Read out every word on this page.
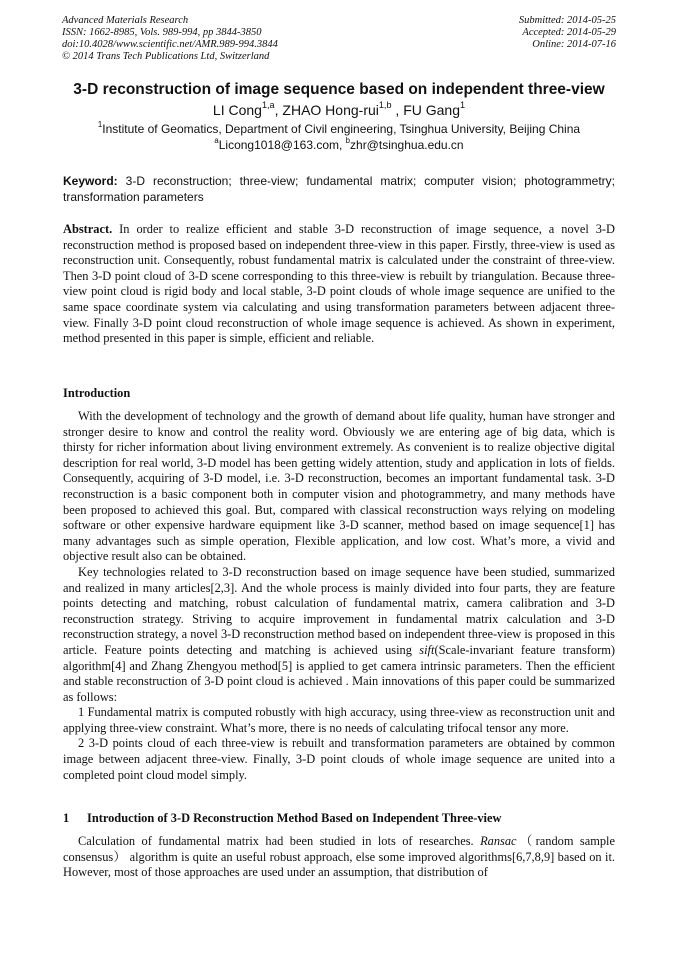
Advanced Materials Research
ISSN: 1662-8985, Vols. 989-994, pp 3844-3850
doi:10.4028/www.scientific.net/AMR.989-994.3844
© 2014 Trans Tech Publications Ltd, Switzerland
Submitted: 2014-05-25
Accepted: 2014-05-29
Online: 2014-07-16
3-D reconstruction of image sequence based on independent three-view
LI Cong$^{1,a}$, ZHAO Hong-rui$^{1,b}$ , FU Gang$^1$
$^1$Institute of Geomatics, Department of Civil engineering, Tsinghua University, Beijing China
$^a$Licong1018@163.com, $^b$zhr@tsinghua.edu.cn
Keyword: 3-D reconstruction; three-view; fundamental matrix; computer vision; photogrammetry; transformation parameters

Abstract. In order to realize efficient and stable 3-D reconstruction of image sequence, a novel 3-D reconstruction method is proposed based on independent three-view in this paper. Firstly, three-view is used as reconstruction unit. Consequently, robust fundamental matrix is calculated under the constraint of three-view. Then 3-D point cloud of 3-D scene corresponding to this three-view is rebuilt by triangulation. Because three-view point cloud is rigid body and local stable, 3-D point clouds of whole image sequence are unified to the same space coordinate system via calculating and using transformation parameters between adjacent three-view. Finally 3-D point cloud reconstruction of whole image sequence is achieved. As shown in experiment, method presented in this paper is simple, efficient and reliable.

Introduction

With the development of technology and the growth of demand about life quality, human have stronger and stronger desire to know and control the reality word. Obviously we are entering age of big data, which is thirsty for richer information about living environment extremely. As convenient is to realize objective digital description for real world, 3-D model has been getting widely attention, study and application in lots of fields. Consequently, acquiring of 3-D model, i.e. 3-D reconstruction, becomes an important fundamental task. 3-D reconstruction is a basic component both in computer vision and photogrammetry, and many methods have been proposed to achieved this goal. But, compared with classical reconstruction ways relying on modeling software or other expensive hardware equipment like 3-D scanner, method based on image sequence[1] has many advantages such as simple operation, Flexible application, and low cost. What’s more, a vivid and objective result also can be obtained.

Key technologies related to 3-D reconstruction based on image sequence have been studied, summarized and realized in many articles[2,3]. And the whole process is mainly divided into four parts, they are feature points detecting and matching, robust calculation of fundamental matrix, camera calibration and 3-D reconstruction strategy. Striving to acquire improvement in fundamental matrix calculation and 3-D reconstruction strategy, a novel 3-D reconstruction method based on independent three-view is proposed in this article. Feature points detecting and matching is achieved using sift(Scale-invariant feature transform) algorithm[4] and Zhang Zhengyou method[5] is applied to get camera intrinsic parameters. Then the efficient and stable reconstruction of 3-D point cloud is achieved . Main innovations of this paper could be summarized as follows:

1 Fundamental matrix is computed robustly with high accuracy, using three-view as reconstruction unit and applying three-view constraint. What’s more, there is no needs of calculating trifocal tensor any more.

2 3-D points cloud of each three-view is rebuilt and transformation parameters are obtained by common image between adjacent three-view. Finally, 3-D point clouds of whole image sequence are united into a completed point cloud model simply.

1 Introduction of 3-D Reconstruction Method Based on Independent Three-view

Calculation of fundamental matrix had been studied in lots of researches. Ransac（random sample consensus） algorithm is quite an useful robust approach, else some improved algorithms[6,7,8,9] based on it. However, most of those approaches are used under an assumption, that distribution of
